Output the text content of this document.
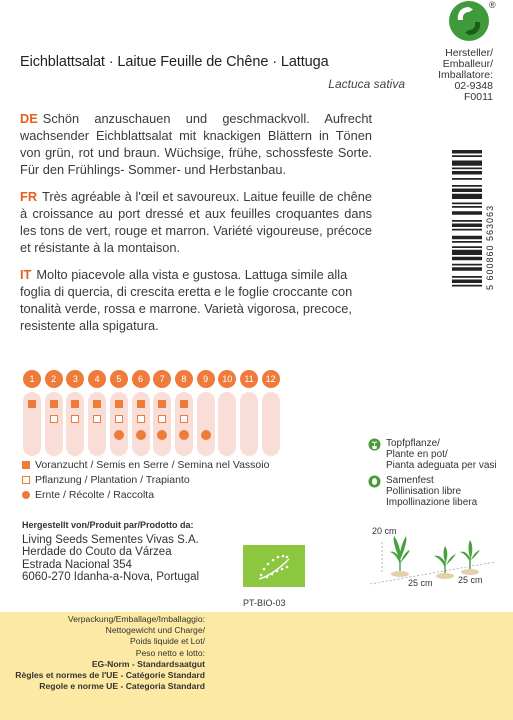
®
Eichblattsalat · Laitue Feuille de Chêne · Lattuga
Lactuca sativa
Hersteller/
Emballeur/
Imballatore:
02-9348
F0011
5 600860 563063
DE Schön anzuschauen und geschmackvoll. Aufrecht wachsender Eichblattsalat mit knackigen Blättern in Tönen von grün, rot und braun. Wüchsige, frühe, schossfeste Sorte. Für den Frühlings- Sommer- und Herbstanbau.
FR Très agréable à l'œil et savoureux. Laitue feuille de chêne à croissance au port dressé et aux feuilles croquantes dans les tons de vert, rouge et marron. Variété vigoureuse, précoce et résistante à la montaison.
IT Molto piacevole alla vista e gustosa. Lattuga simile alla foglia di quercia, di crescita eretta e le foglie croccante con tonalità verde, rossa e marrone. Varietà vigorosa, precoce, resistente alla spigatura.
1	2	3	4	5	6	7	8	9	10	11	12
Voranzucht / Semis en Serre / Semina nel Vassoio
Pflanzung / Plantation / Trapianto
Ernte / Récolte / Raccolta
Topfpflanze/
Plante en pot/
Pianta adeguata per vasi
Samenfest
Pollinisation libre
Impollinazione libera
Hergestellt von/Produit par/Prodotto da:
Living Seeds Sementes Vivas S.A.
Herdade do Couto da Várzea
Estrada Nacional 354
6060-270 Idanha-a-Nova, Portugal
PT-BIO-03
20 cm
25 cm	25 cm
Verpackung/Emballage/Imballaggio:
Nettogewicht und Charge/
Poids liquide et Lot/
Peso netto e lotto:
EG-Norm - Standardsaatgut
Règles et normes de l'UE - Catégorie Standard
Regole e norme UE - Categoria Standard
